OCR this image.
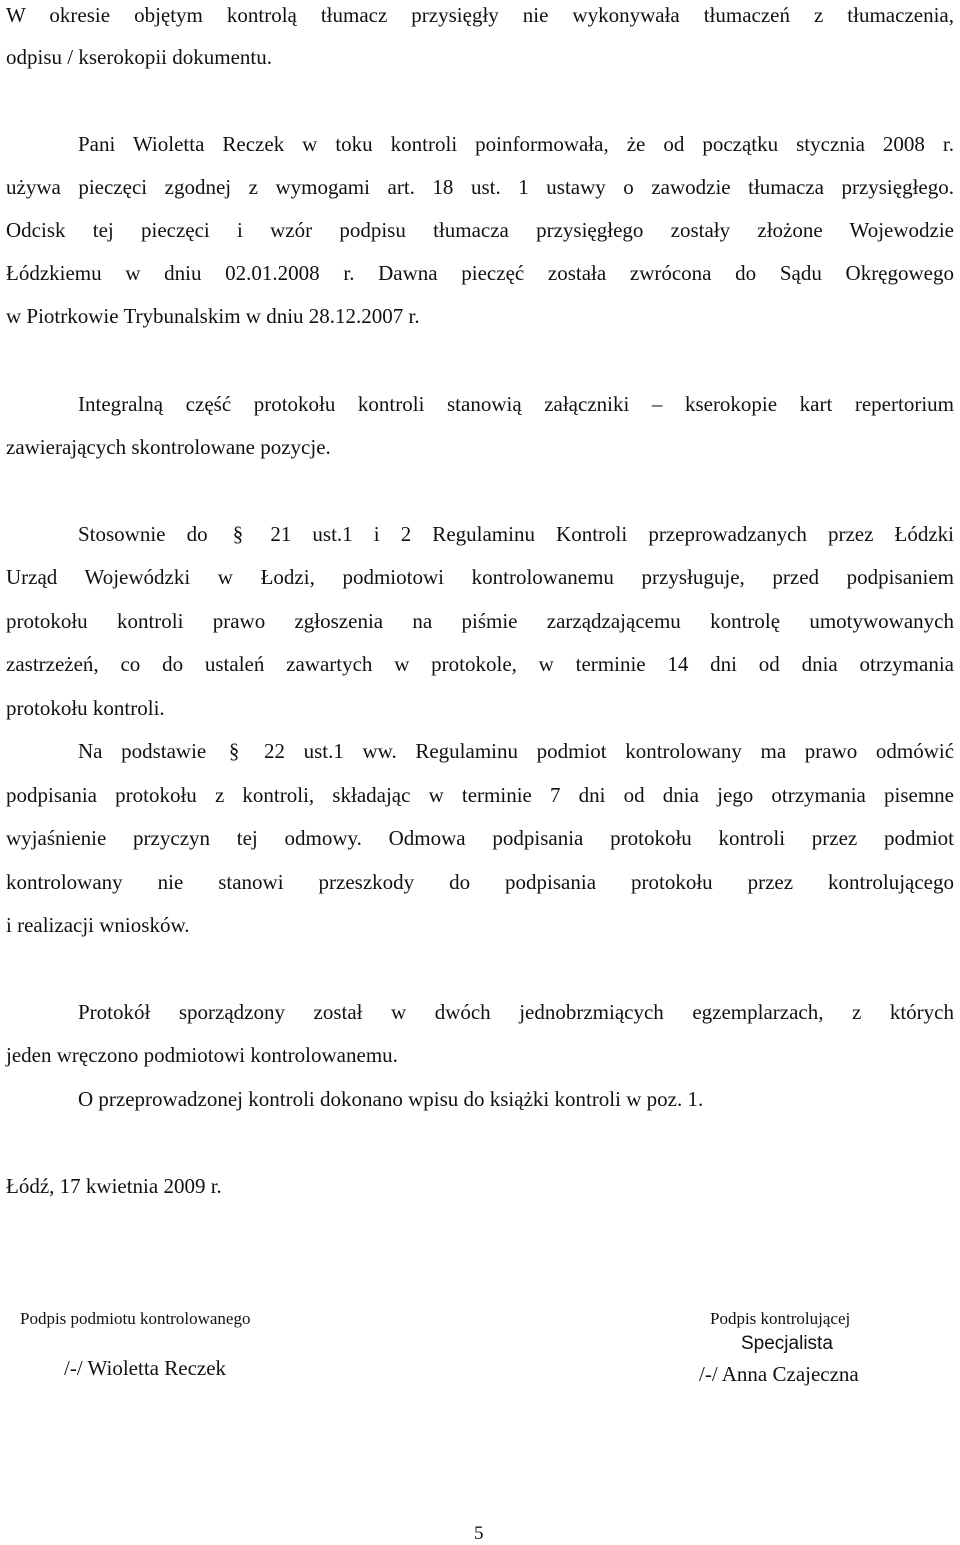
W okresie objętym kontrolą tłumacz przysięgły nie wykonywała tłumaczeń z tłumaczenia,
odpisu / kserokopii dokumentu.
Pani Wioletta Reczek w toku kontroli poinformowała, że od początku stycznia 2008 r.
używa pieczęci zgodnej z wymogami art. 18 ust. 1 ustawy o zawodzie tłumacza przysięgłego.
Odcisk tej pieczęci i wzór podpisu tłumacza przysięgłego zostały złożone Wojewodzie
Łódzkiemu w dniu 02.01.2008 r. Dawna pieczęć została zwrócona do Sądu Okręgowego
w Piotrkowie Trybunalskim w dniu 28.12.2007 r.
Integralną część protokołu kontroli stanowią załączniki – kserokopie kart repertorium
zawierających skontrolowane pozycje.
Stosownie do § 21 ust.1 i 2 Regulaminu Kontroli przeprowadzanych przez Łódzki
Urząd Wojewódzki w Łodzi, podmiotowi kontrolowanemu przysługuje, przed podpisaniem
protokołu kontroli prawo zgłoszenia na piśmie zarządzającemu kontrolę umotywowanych
zastrzeżeń, co do ustaleń zawartych w protokole, w terminie 14 dni od dnia otrzymania
protokołu kontroli.
Na podstawie § 22 ust.1 ww. Regulaminu podmiot kontrolowany ma prawo odmówić
podpisania protokołu z kontroli, składając w terminie 7 dni od dnia jego otrzymania pisemne
wyjaśnienie przyczyn tej odmowy. Odmowa podpisania protokołu kontroli przez podmiot
kontrolowany nie stanowi przeszkody do podpisania protokołu przez kontrolującego
i realizacji wniosków.
Protokół sporządzony został w dwóch jednobrzmiących egzemplarzach, z których
jeden wręczono podmiotowi kontrolowanemu.
O przeprowadzonej kontroli dokonano wpisu do książki kontroli w poz. 1.
Łódź, 17 kwietnia 2009 r.
Podpis podmiotu kontrolowanego
/-/ Wioletta Reczek
Podpis kontrolującej
Specjalista
/-/ Anna Czajeczna
5
